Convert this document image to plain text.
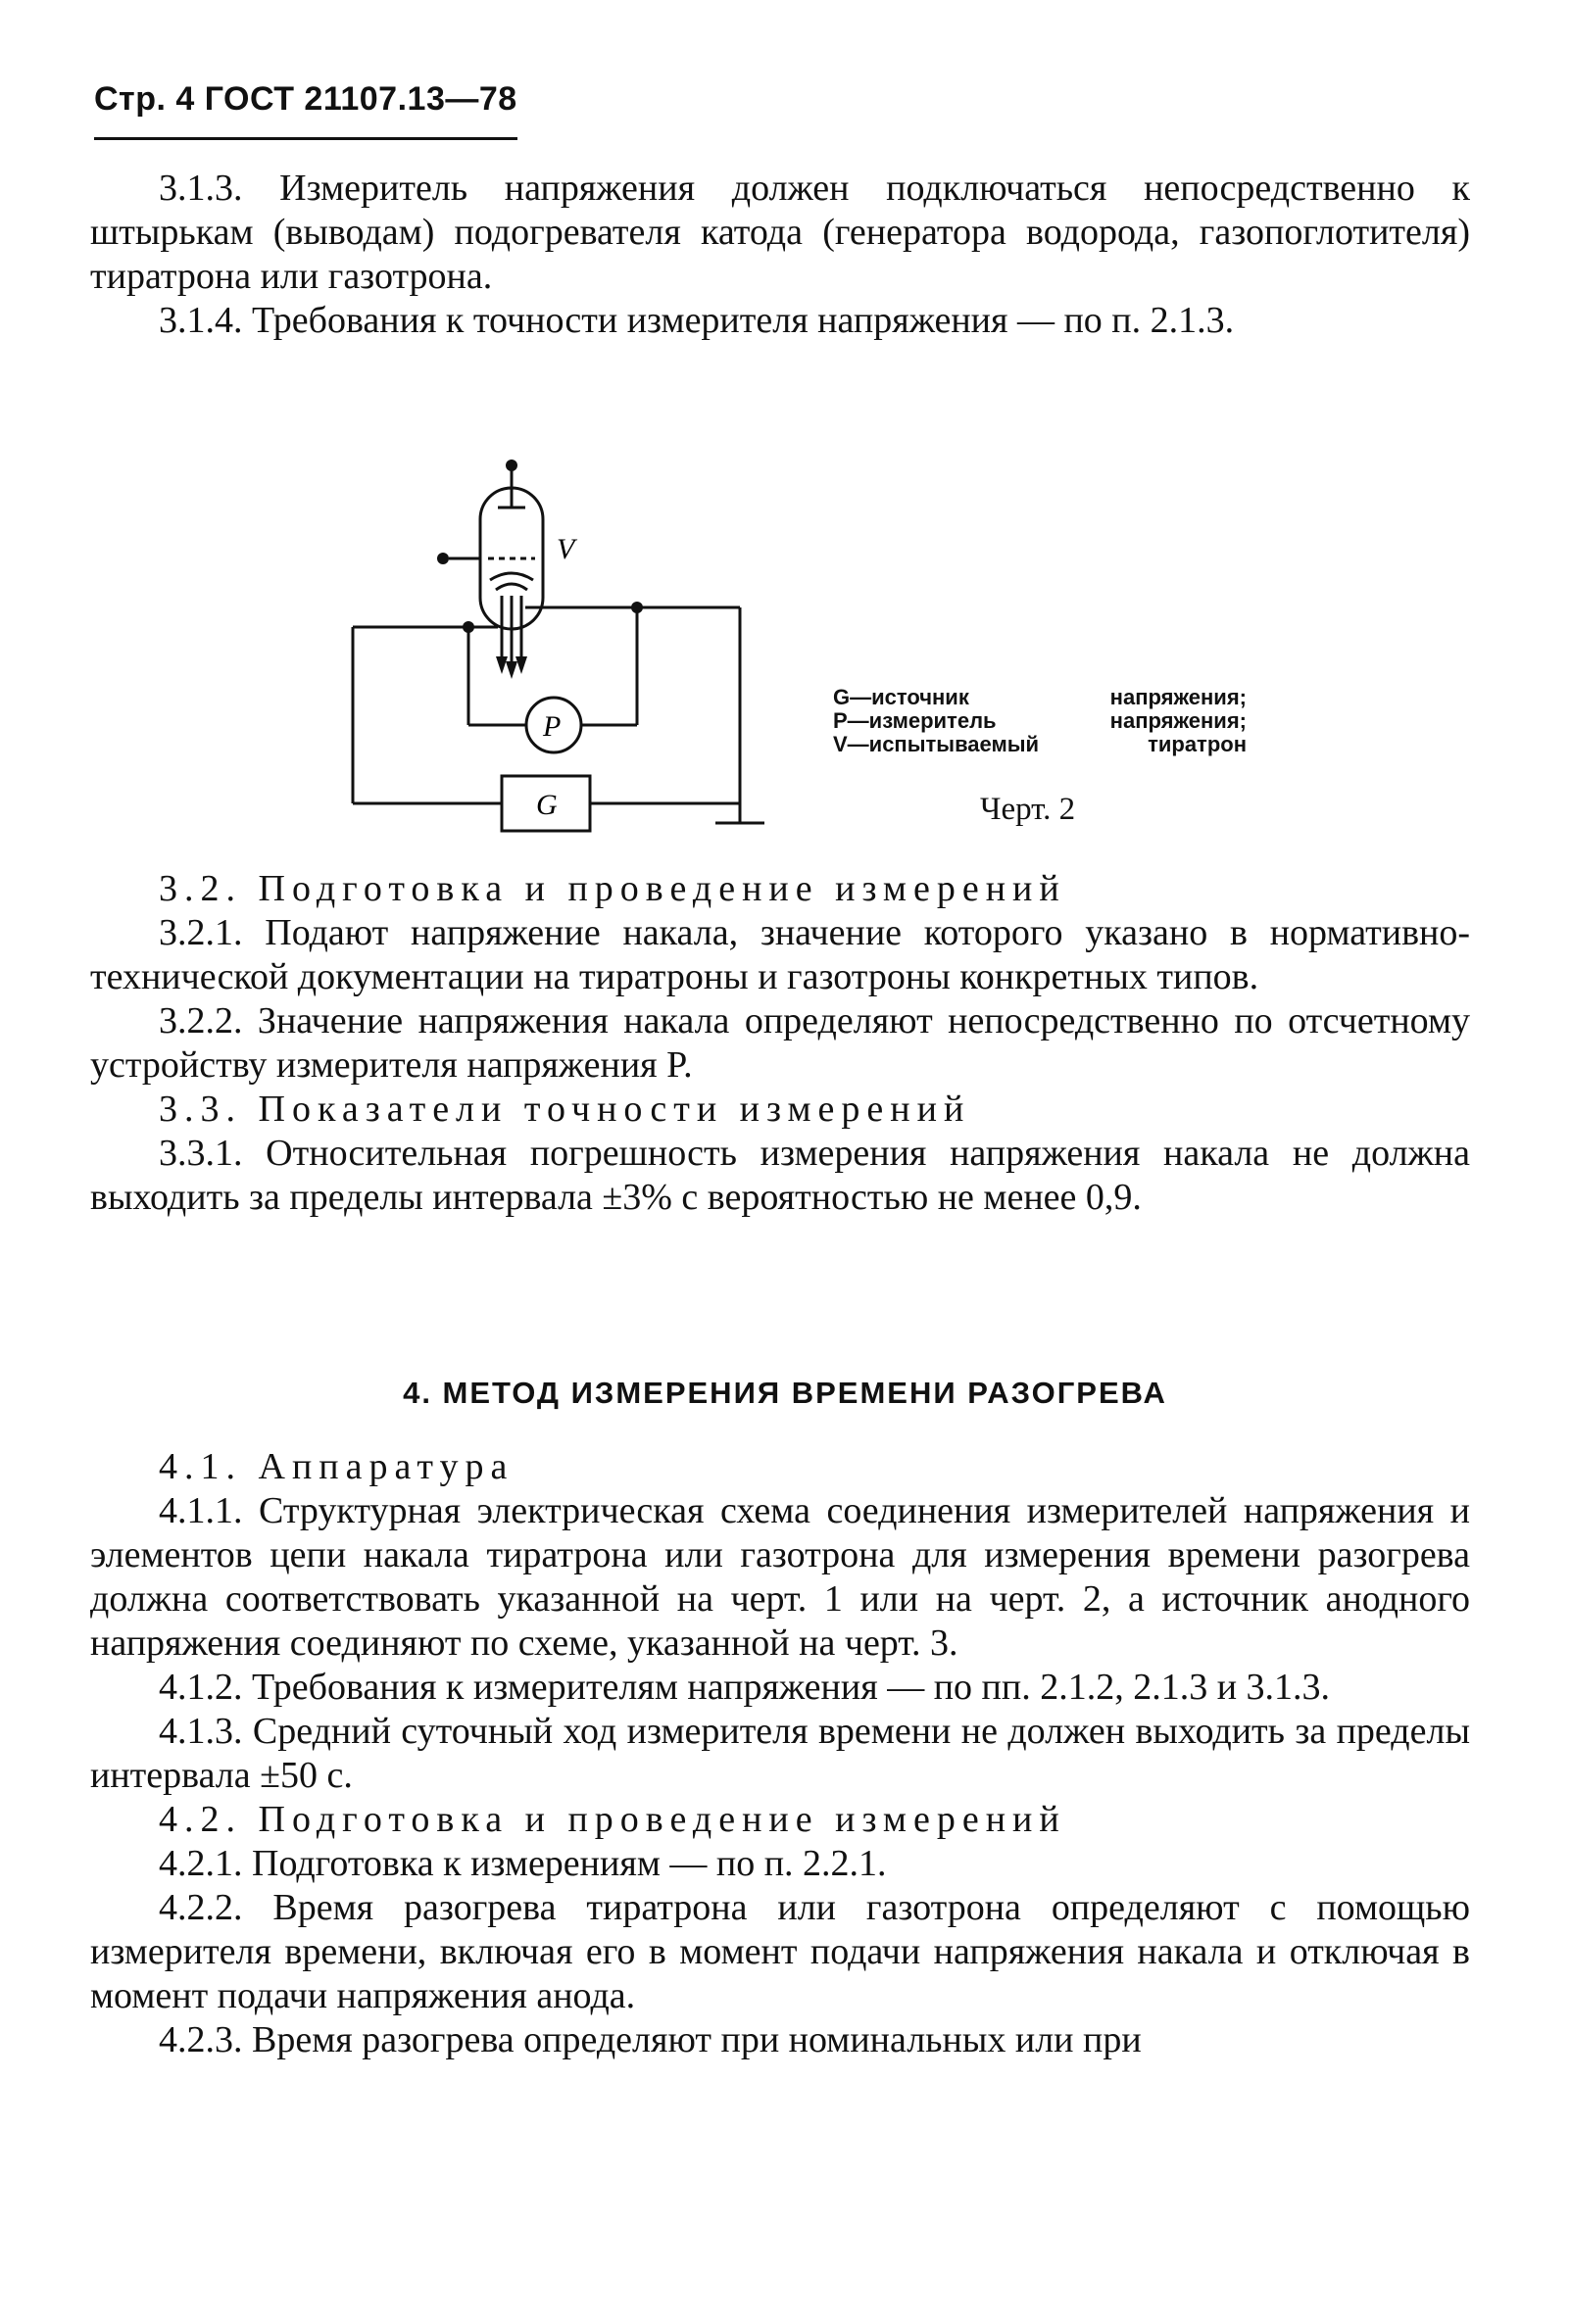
Стр. 4 ГОСТ 21107.13—78

3.1.3. Измеритель напряжения должен подключаться непосредственно к штырькам (выводам) подогревателя катода (генератора водорода, газопоглотителя) тиратрона или газотрона.

3.1.4. Требования к точности измерителя напряжения — по п. 2.1.3.

V
P
G
G—источник напряжения;
P—измеритель напряжения;
V—испытываемый тиратрон
Черт. 2

3.2. Подготовка и проведение измерений

3.2.1. Подают напряжение накала, значение которого указано в нормативно-технической документации на тиратроны и газотроны конкретных типов.

3.2.2. Значение напряжения накала определяют непосредственно по отсчетному устройству измерителя напряжения P.

3.3. Показатели точности измерений

3.3.1. Относительная погрешность измерения напряжения накала не должна выходить за пределы интервала ±3% с вероятностью не менее 0,9.

4. МЕТОД ИЗМЕРЕНИЯ ВРЕМЕНИ РАЗОГРЕВА

4.1. Аппаратура

4.1.1. Структурная электрическая схема соединения измерителей напряжения и элементов цепи накала тиратрона или газотрона для измерения времени разогрева должна соответствовать указанной на черт. 1 или на черт. 2, а источник анодного напряжения соединяют по схеме, указанной на черт. 3.

4.1.2. Требования к измерителям напряжения — по пп. 2.1.2, 2.1.3 и 3.1.3.

4.1.3. Средний суточный ход измерителя времени не должен выходить за пределы интервала ±50 с.

4.2. Подготовка и проведение измерений

4.2.1. Подготовка к измерениям — по п. 2.2.1.

4.2.2. Время разогрева тиратрона или газотрона определяют с помощью измерителя времени, включая его в момент подачи напряжения накала и отключая в момент подачи напряжения анода.

4.2.3. Время разогрева определяют при номинальных или при
